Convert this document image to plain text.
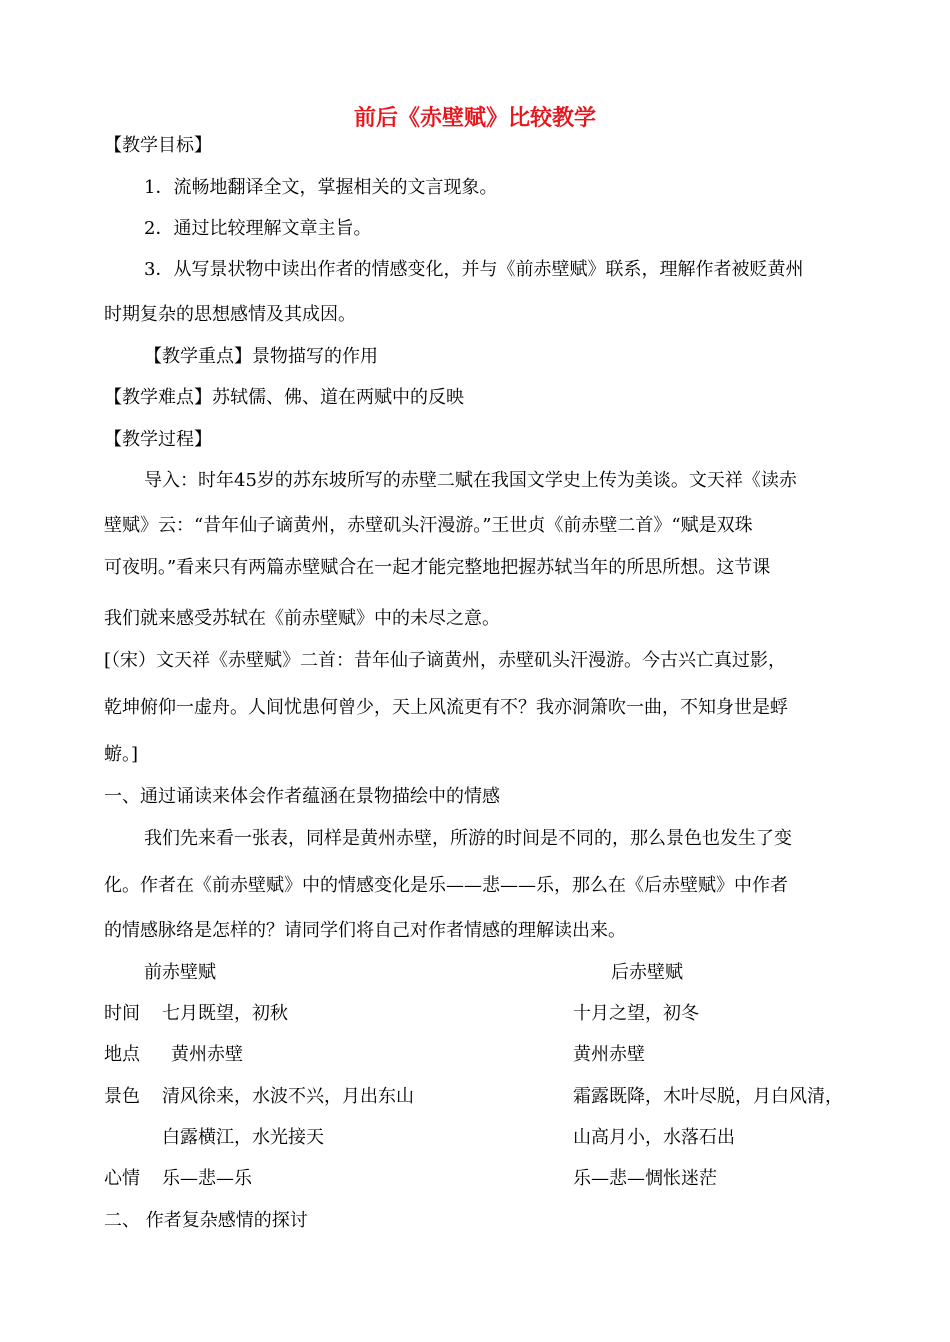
前后《赤壁赋》比较教学
【教学目标】
1．流畅地翻译全文，掌握相关的文言现象。
2．通过比较理解文章主旨。
3．从写景状物中读出作者的情感变化，并与《前赤壁赋》联系，理解作者被贬黄州
时期复杂的思想感情及其成因。
【教学重点】景物描写的作用
【教学难点】苏轼儒、佛、道在两赋中的反映
【教学过程】
导入：时年45岁的苏东坡所写的赤壁二赋在我国文学史上传为美谈。文天祥《读赤
壁赋》云：“昔年仙子谪黄州，赤壁矶头汗漫游。”王世贞《前赤壁二首》“赋是双珠
可夜明。”看来只有两篇赤壁赋合在一起才能完整地把握苏轼当年的所思所想。这节课
我们就来感受苏轼在《前赤壁赋》中的未尽之意。
[（宋）文天祥《赤壁赋》二首：昔年仙子谪黄州，赤壁矶头汗漫游。今古兴亡真过影，
乾坤俯仰一虚舟。人间忧患何曾少，天上风流更有不？我亦洞箫吹一曲，不知身世是蜉
蝣。]
一、通过诵读来体会作者蕴涵在景物描绘中的情感
我们先来看一张表，同样是黄州赤壁，所游的时间是不同的，那么景色也发生了变
化。作者在《前赤壁赋》中的情感变化是乐——悲——乐，那么在《后赤壁赋》中作者
的情感脉络是怎样的？请同学们将自己对作者情感的理解读出来。
前赤壁赋	后赤壁赋
时间 七月既望，初秋	十月之望，初冬
地点 黄州赤壁	黄州赤壁
景色 清风徐来，水波不兴，月出东山	霜露既降，木叶尽脱，月白风清，
白露横江，水光接天	山高月小，水落石出
心情 乐—悲—乐	乐—悲—惆怅迷茫
二、 作者复杂感情的探讨
